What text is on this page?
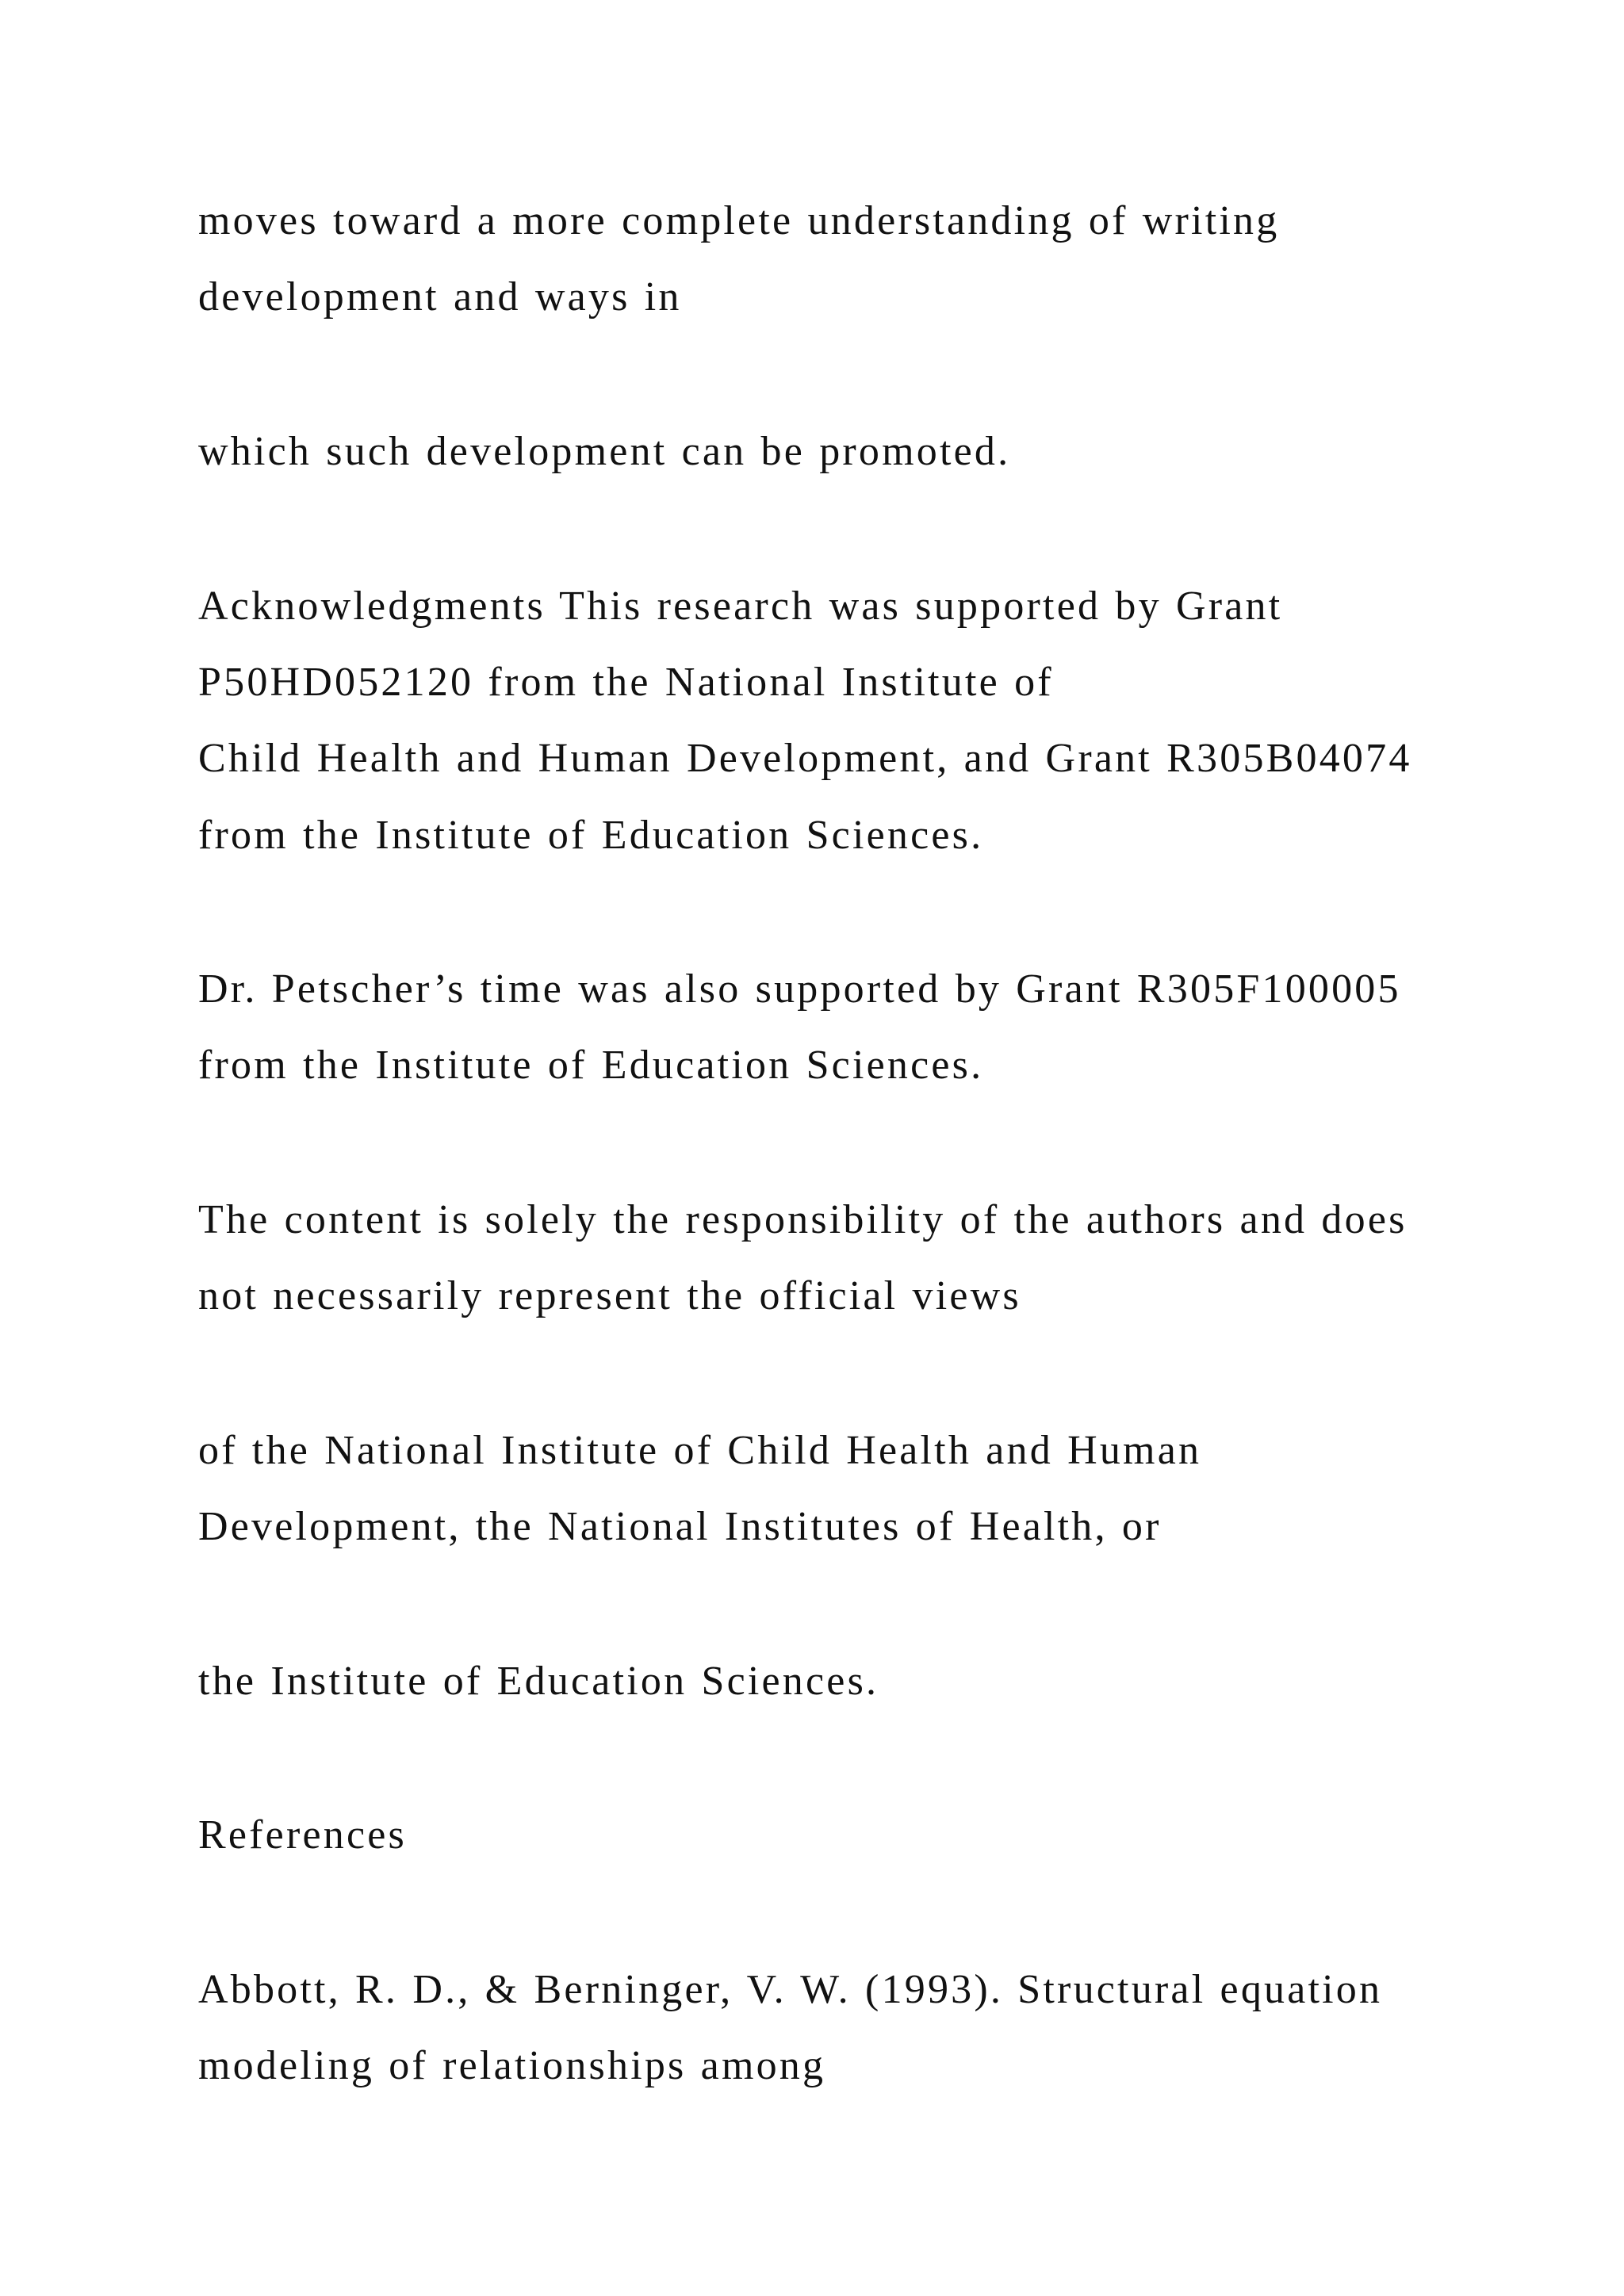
moves toward a more complete understanding of writing

development and ways in

which such development can be promoted.

Acknowledgments This research was supported by Grant

P50HD052120 from the National Institute of

Child Health and Human Development, and Grant R305B04074

from the Institute of Education Sciences.

Dr. Petscher’s time was also supported by Grant R305F100005

from the Institute of Education Sciences.

The content is solely the responsibility of the authors and does

not necessarily represent the official views

of the National Institute of Child Health and Human

Development, the National Institutes of Health, or

the Institute of Education Sciences.

References

Abbott, R. D., & Berninger, V. W. (1993). Structural equation

modeling of relationships among
